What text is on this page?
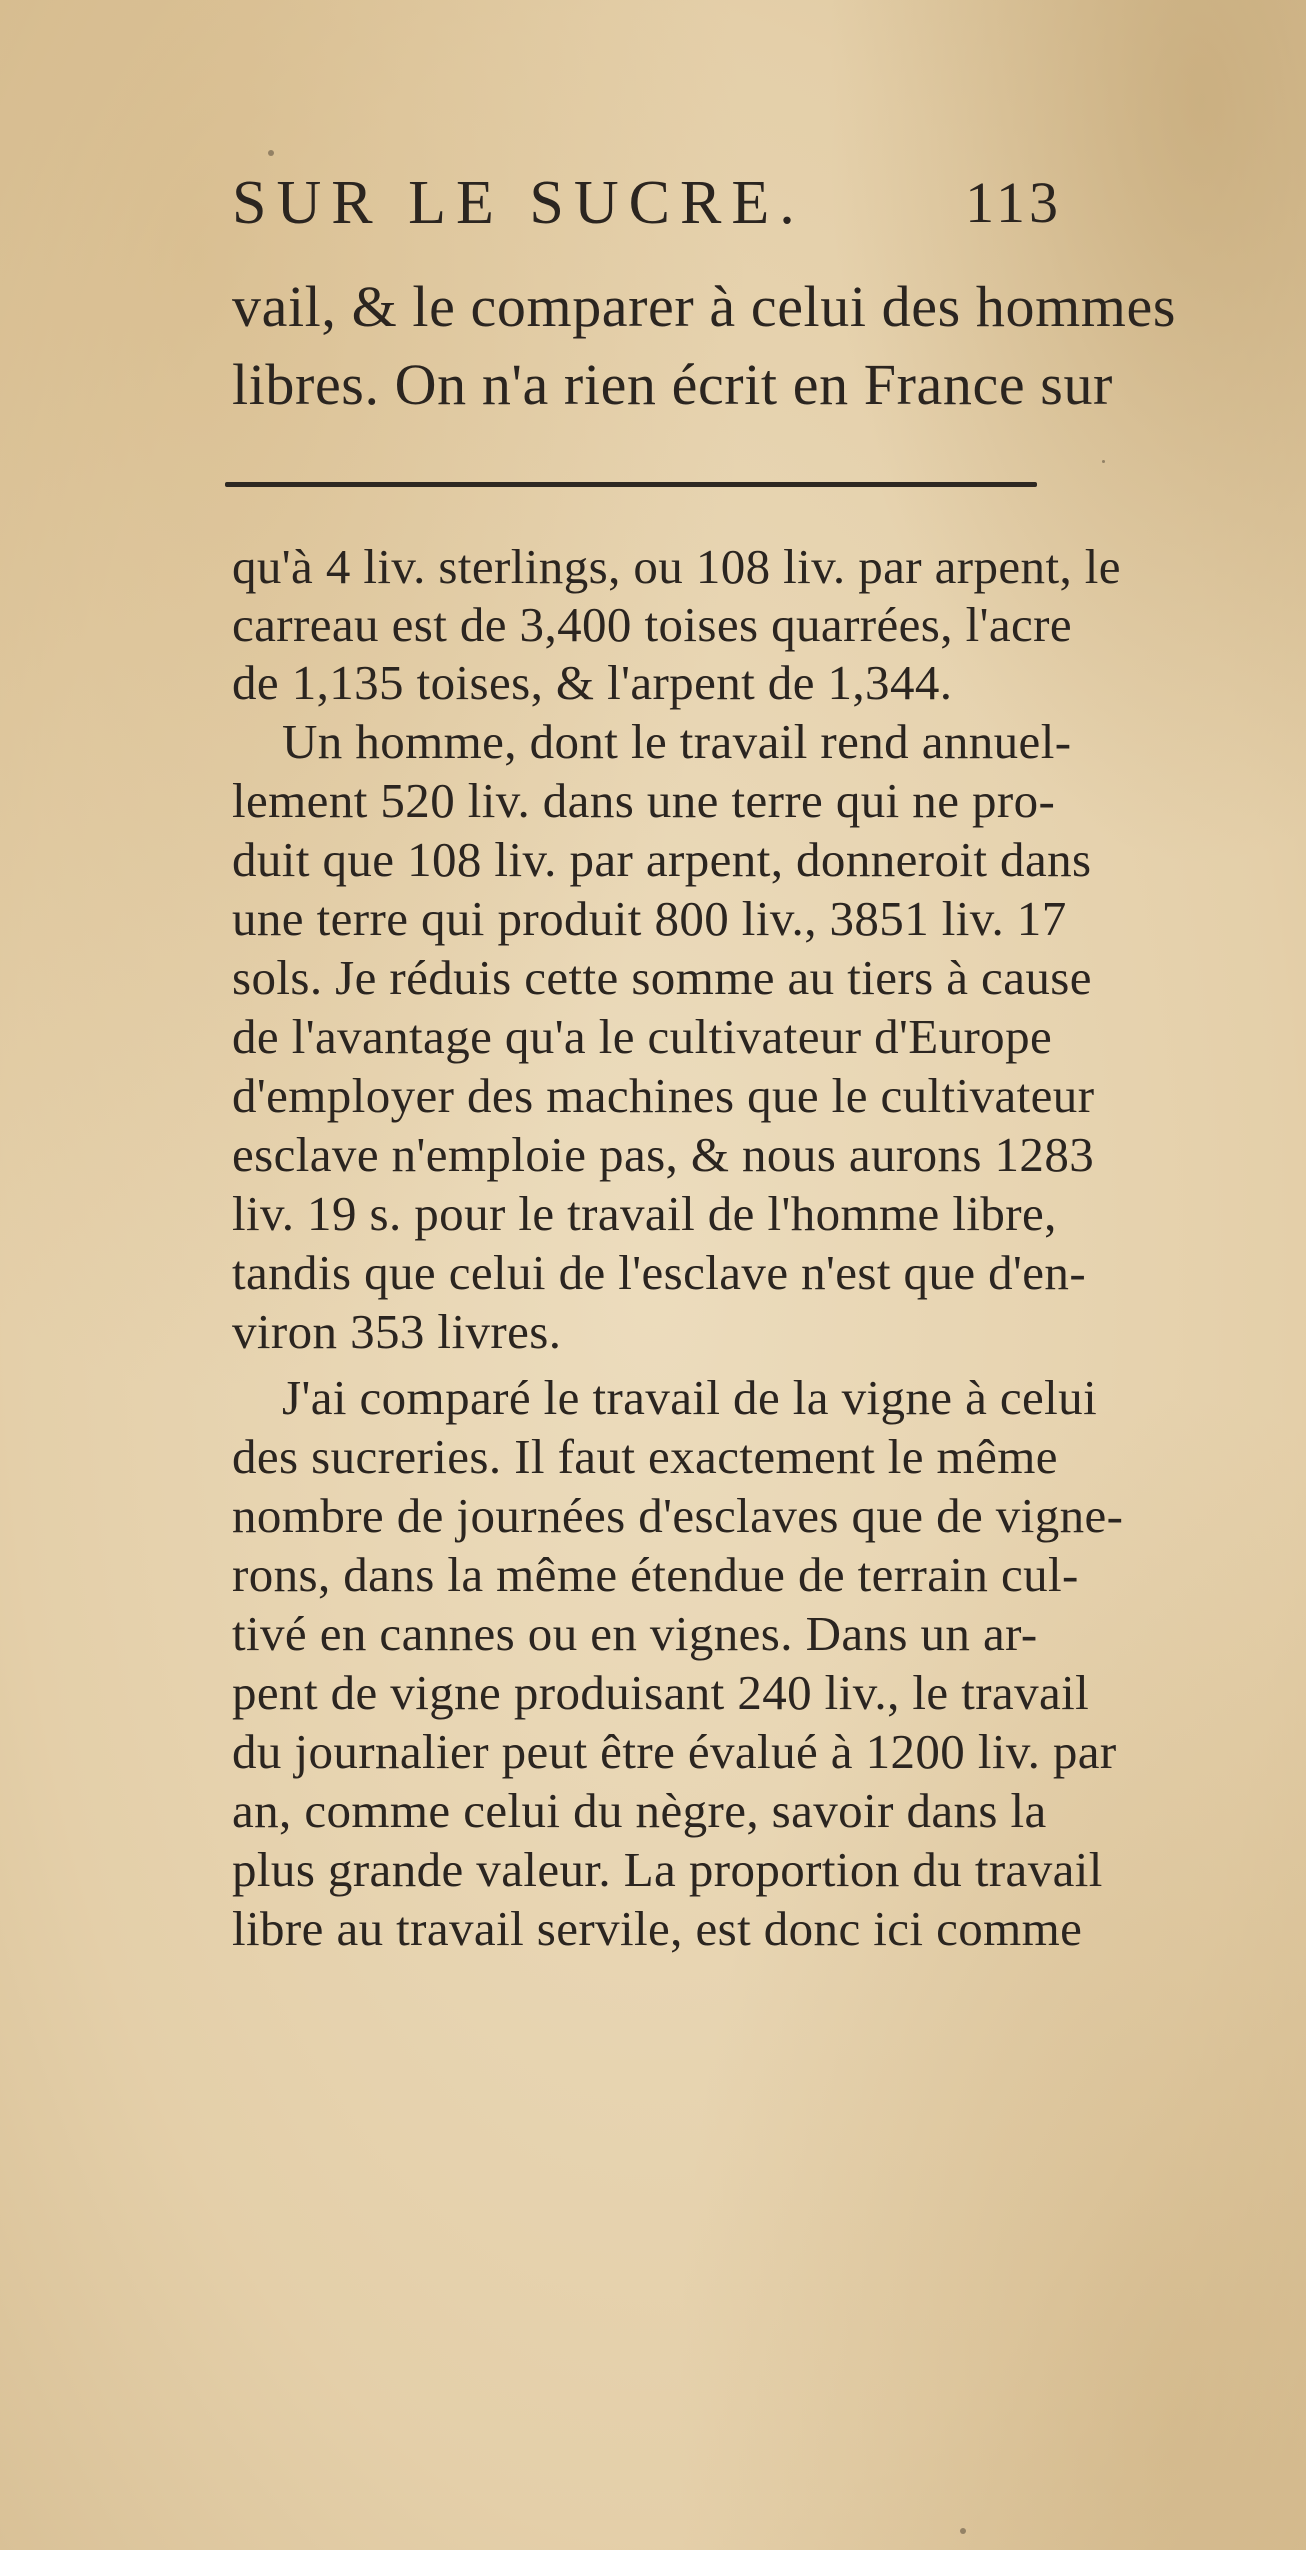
SUR LE SUCRE.	113
vail, & le comparer à celui des hommes
libres. On n'a rien écrit en France sur
qu'à 4 liv. sterlings, ou 108 liv. par arpent, le
carreau est de 3,400 toises quarrées, l'acre
de 1,135 toises, & l'arpent de 1,344.
Un homme, dont le travail rend annuel-
lement 520 liv. dans une terre qui ne pro-
duit que 108 liv. par arpent, donneroit dans
une terre qui produit 800 liv., 3851 liv. 17
sols. Je réduis cette somme au tiers à cause
de l'avantage qu'a le cultivateur d'Europe
d'employer des machines que le cultivateur
esclave n'emploie pas, & nous aurons 1283
liv. 19 s. pour le travail de l'homme libre,
tandis que celui de l'esclave n'est que d'en-
viron 353 livres.
J'ai comparé le travail de la vigne à celui
des sucreries. Il faut exactement le même
nombre de journées d'esclaves que de vigne-
rons, dans la même étendue de terrain cul-
tivé en cannes ou en vignes. Dans un ar-
pent de vigne produisant 240 liv., le travail
du journalier peut être évalué à 1200 liv. par
an, comme celui du nègre, savoir dans la
plus grande valeur. La proportion du travail
libre au travail servile, est donc ici comme
